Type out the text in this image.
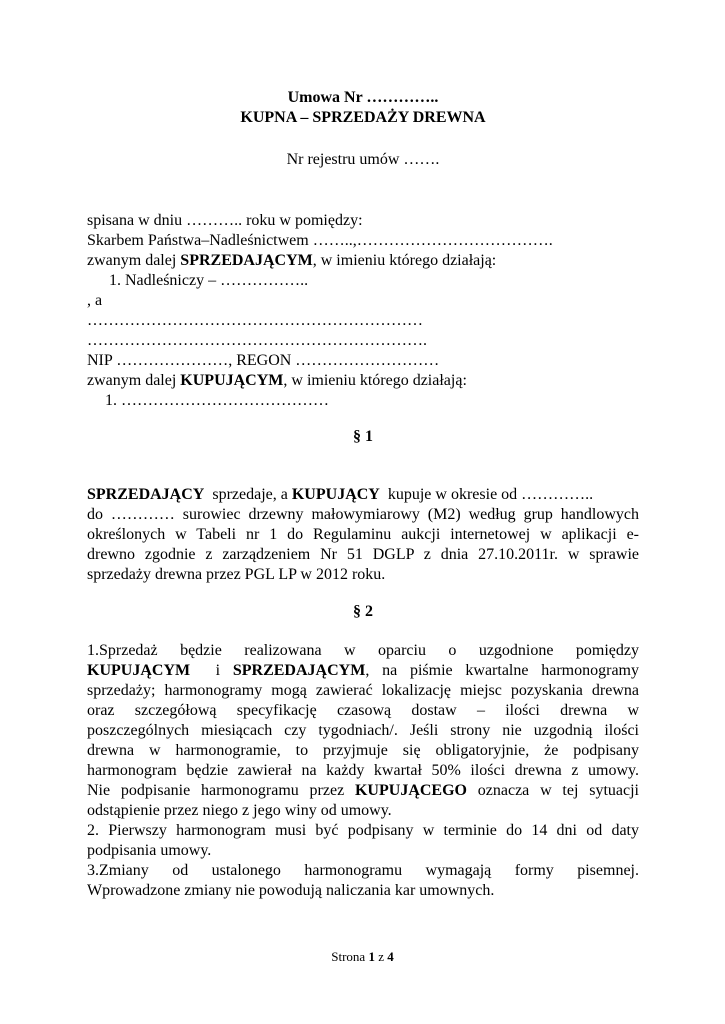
Umowa Nr …………..
KUPNA – SPRZEDAŻY DREWNA
Nr rejestru umów …….
spisana w dniu ……….. roku w pomiędzy:
Skarbem Państwa–Nadleśnictwem ……..,……………………………….
zwanym dalej SPRZEDAJĄCYM, w imieniu którego działają:
1. Nadleśniczy – ……………..
, a
………………………………………………………
……………………………………………………….
NIP …………………, REGON ………………………
zwanym dalej KUPUJĄCYM, w imieniu którego działają:
1. …………………………………
§ 1
SPRZEDAJĄCY  sprzedaje, a KUPUJĄCY  kupuje w okresie od …………..
do ………… surowiec drzewny małowymiarowy (M2) według grup handlowych
określonych w Tabeli nr 1 do Regulaminu aukcji internetowej w aplikacji e-
drewno zgodnie z zarządzeniem Nr 51 DGLP z dnia 27.10.2011r. w sprawie
sprzedaży drewna przez PGL LP w 2012 roku.
§ 2
1.Sprzedaż będzie realizowana w oparciu o uzgodnione pomiędzy
KUPUJĄCYM  i SPRZEDAJĄCYM, na piśmie kwartalne harmonogramy
sprzedaży; harmonogramy mogą zawierać lokalizację miejsc pozyskania drewna
oraz szczegółową specyfikację czasową dostaw – ilości drewna w
poszczególnych miesiącach czy tygodniach/. Jeśli strony nie uzgodnią ilości
drewna w harmonogramie, to przyjmuje się obligatoryjnie, że podpisany
harmonogram będzie zawierał na każdy kwartał 50% ilości drewna z umowy.
Nie podpisanie harmonogramu przez KUPUJĄCEGO oznacza w tej sytuacji
odstąpienie przez niego z jego winy od umowy.
2. Pierwszy harmonogram musi być podpisany w terminie do 14 dni od daty
podpisania umowy.
3.Zmiany od ustalonego harmonogramu wymagają formy pisemnej.
Wprowadzone zmiany nie powodują naliczania kar umownych.
Strona 1 z 4
